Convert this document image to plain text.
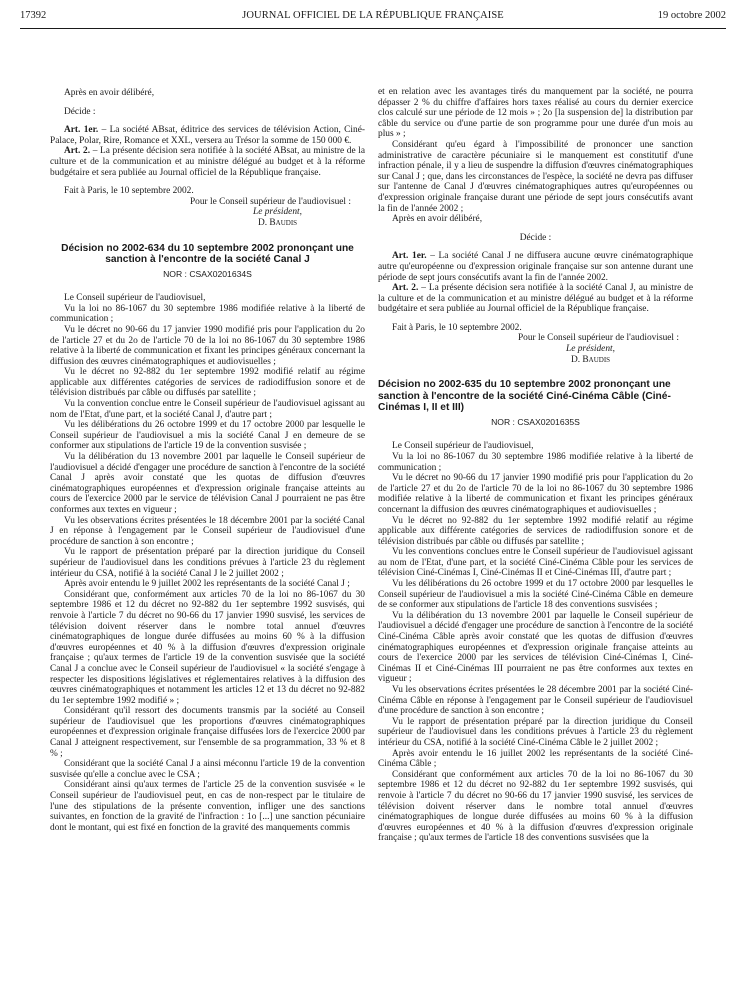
17392	JOURNAL OFFICIEL DE LA RÉPUBLIQUE FRANÇAISE	19 octobre 2002

Après en avoir délibéré,

Décide :

Art. 1er. – La société ABsat, éditrice des services de télévision Action, Ciné-Palace, Polar, Rire, Romance et XXL, versera au Trésor la somme de 150 000 €.

Art. 2. – La présente décision sera notifiée à la société ABsat, au ministre de la culture et de la communication et au ministre délégué au budget et à la réforme budgétaire et sera publiée au Journal officiel de la République française.

Fait à Paris, le 10 septembre 2002.

Pour le Conseil supérieur de l'audiovisuel :

Le président,

D. Baudis

Décision no 2002-634 du 10 septembre 2002 prononçant une sanction à l'encontre de la société Canal J

NOR : CSAX0201634S

Le Conseil supérieur de l'audiovisuel,

Vu la loi no 86-1067 du 30 septembre 1986 modifiée relative à la liberté de communication ;

Vu le décret no 90-66 du 17 janvier 1990 modifié pris pour l'application du 2o de l'article 27 et du 2o de l'article 70 de la loi no 86-1067 du 30 septembre 1986 relative à la liberté de communication et fixant les principes généraux concernant la diffusion des œuvres cinématographiques et audiovisuelles ;

Vu le décret no 92-882 du 1er septembre 1992 modifié relatif au régime applicable aux différentes catégories de services de radiodiffusion sonore et de télévision distribués par câble ou diffusés par satellite ;

Vu la convention conclue entre le Conseil supérieur de l'audiovisuel agissant au nom de l'Etat, d'une part, et la société Canal J, d'autre part ;

Vu les délibérations du 26 octobre 1999 et du 17 octobre 2000 par lesquelle le Conseil supérieur de l'audiovisuel a mis la société Canal J en demeure de se conformer aux stipulations de l'article 19 de la convention susvisée ;

Vu la délibération du 13 novembre 2001 par laquelle le Conseil supérieur de l'audiovisuel a décidé d'engager une procédure de sanction à l'encontre de la société Canal J après avoir constaté que les quotas de diffusion d'œuvres cinématographiques européennes et d'expression originale française atteints au cours de l'exercice 2000 par le service de télévision Canal J pourraient ne pas être conformes aux textes en vigueur ;

Vu les observations écrites présentées le 18 décembre 2001 par la société Canal J en réponse à l'engagement par le Conseil supérieur de l'audiovisuel d'une procédure de sanction à son encontre ;

Vu le rapport de présentation préparé par la direction juridique du Conseil supérieur de l'audiovisuel dans les conditions prévues à l'article 23 du règlement intérieur du CSA, notifié à la société Canal J le 2 juillet 2002 ;

Après avoir entendu le 9 juillet 2002 les représentants de la société Canal J ;

Considérant que, conformément aux articles 70 de la loi no 86-1067 du 30 septembre 1986 et 12 du décret no 92-882 du 1er septembre 1992 susvisés, qui renvoie à l'article 7 du décret no 90-66 du 17 janvier 1990 susvisé, les services de télévision doivent réserver dans le nombre total annuel d'œuvres cinématographiques de longue durée diffusées au moins 60 % à la diffusion d'œuvres européennes et 40 % à la diffusion d'œuvres d'expression originale française ; qu'aux termes de l'article 19 de la convention susvisée que la société Canal J a conclue avec le Conseil supérieur de l'audiovisuel « la société s'engage à respecter les dispositions législatives et réglementaires relatives à la diffusion des œuvres cinématographiques et notamment les articles 12 et 13 du décret no 92-882 du 1er septembre 1992 modifié » ;

Considérant qu'il ressort des documents transmis par la société au Conseil supérieur de l'audiovisuel que les proportions d'œuvres cinématographiques européennes et d'expression originale française diffusées lors de l'exercice 2000 par Canal J atteignent respectivement, sur l'ensemble de sa programmation, 33 % et 8 % ;

Considérant que la société Canal J a ainsi méconnu l'article 19 de la convention susvisée qu'elle a conclue avec le CSA ;

Considérant ainsi qu'aux termes de l'article 25 de la convention susvisée « le Conseil supérieur de l'audiovisuel peut, en cas de non-respect par le titulaire de l'une des stipulations de la présente convention, infliger une des sanctions suivantes, en fonction de la gravité de l'infraction : 1o [...] une sanction pécuniaire dont le montant, qui est fixé en fonction de la gravité des manquements commis

et en relation avec les avantages tirés du manquement par la société, ne pourra dépasser 2 % du chiffre d'affaires hors taxes réalisé au cours du dernier exercice clos calculé sur une période de 12 mois » ; 2o [la suspension de] la distribution par câble du service ou d'une partie de son programme pour une durée d'un mois au plus » ;

Considérant qu'eu égard à l'impossibilité de prononcer une sanction administrative de caractère pécuniaire si le manquement est constitutif d'une infraction pénale, il y a lieu de suspendre la diffusion d'œuvres cinématographiques sur Canal J ; que, dans les circonstances de l'espèce, la société ne devra pas diffuser sur l'antenne de Canal J d'œuvres cinématographiques autres qu'européennes ou d'expression originale française durant une période de sept jours consécutifs avant la fin de l'année 2002 ;

Après en avoir délibéré,

Décide :

Art. 1er. – La société Canal J ne diffusera aucune œuvre cinématographique autre qu'européenne ou d'expression originale française sur son antenne durant une période de sept jours consécutifs avant la fin de l'année 2002.

Art. 2. – La présente décision sera notifiée à la société Canal J, au ministre de la culture et de la communication et au ministre délégué au budget et à la réforme budgétaire et sera publiée au Journal officiel de la République française.

Fait à Paris, le 10 septembre 2002.

Pour le Conseil supérieur de l'audiovisuel :

Le président,

D. Baudis

Décision no 2002-635 du 10 septembre 2002 prononçant une sanction à l'encontre de la société Ciné-Cinéma Câble (Ciné-Cinémas I, II et III)

NOR : CSAX0201635S

Le Conseil supérieur de l'audiovisuel,

Vu la loi no 86-1067 du 30 septembre 1986 modifiée relative à la liberté de communication ;

Vu le décret no 90-66 du 17 janvier 1990 modifié pris pour l'application du 2o de l'article 27 et du 2o de l'article 70 de la loi no 86-1067 du 30 septembre 1986 modifiée relative à la liberté de communication et fixant les principes généraux concernant la diffusion des œuvres cinématographiques et audiovisuelles ;

Vu le décret no 92-882 du 1er septembre 1992 modifié relatif au régime applicable aux différente catégories de services de radiodiffusion sonore et de télévision distribués par câble ou diffusés par satellite ;

Vu les conventions conclues entre le Conseil supérieur de l'audiovisuel agissant au nom de l'Etat, d'une part, et la société Ciné-Cinéma Câble pour les services de télévision Ciné-Cinémas I, Ciné-Cinémas II et Ciné-Cinémas III, d'autre part ;

Vu les délibérations du 26 octobre 1999 et du 17 octobre 2000 par lesquelles le Conseil supérieur de l'audiovisuel a mis la société Ciné-Cinéma Câble en demeure de se conformer aux stipulations de l'article 18 des conventions susvisées ;

Vu la délibération du 13 novembre 2001 par laquelle le Conseil supérieur de l'audiovisuel a décidé d'engager une procédure de sanction à l'encontre de la société Ciné-Cinéma Câble après avoir constaté que les quotas de diffusion d'œuvres cinématographiques européennes et d'expression originale française atteints au cours de l'exercice 2000 par les services de télévision Ciné-Cinémas I, Ciné-Cinémas II et Ciné-Cinémas III pourraient ne pas être conformes aux textes en vigueur ;

Vu les observations écrites présentées le 28 décembre 2001 par la société Ciné-Cinéma Câble en réponse à l'engagement par le Conseil supérieur de l'audiovisuel d'une procédure de sanction à son encontre ;

Vu le rapport de présentation préparé par la direction juridique du Conseil supérieur de l'audiovisuel dans les conditions prévues à l'article 23 du règlement intérieur du CSA, notifié à la société Ciné-Cinéma Câble le 2 juillet 2002 ;

Après avoir entendu le 16 juillet 2002 les représentants de la société Ciné-Cinéma Câble ;

Considérant que conformément aux articles 70 de la loi no 86-1067 du 30 septembre 1986 et 12 du décret no 92-882 du 1er septembre 1992 susvisés, qui renvoie à l'article 7 du décret no 90-66 du 17 janvier 1990 susvisé, les services de télévision doivent réserver dans le nombre total annuel d'œuvres cinématographiques de longue durée diffusées au moins 60 % à la diffusion d'œuvres européennes et 40 % à la diffusion d'œuvres d'expression originale française ; qu'aux termes de l'article 18 des conventions susvisées que la
